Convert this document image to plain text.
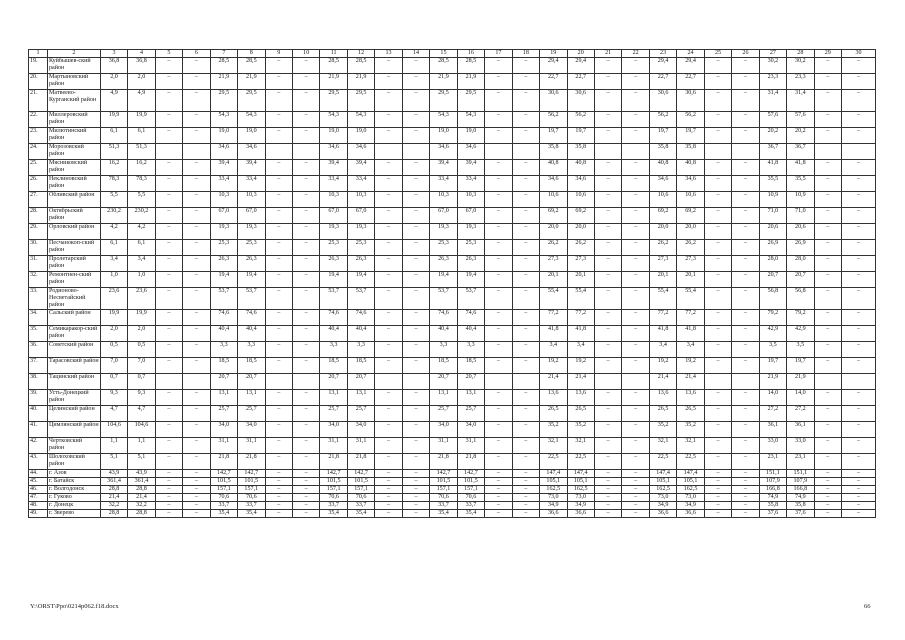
1	2	3	4	5	6	7	8	9	10	11	12	13	14	15	16	17	18	19	20	21	22	23	24	25	26	27	28	29	30
19.	Куйбышев-ский район	36,8	36,8	–	–	28,5	28,5	–	–	28,5	28,5	–	–	28,5	28,5	–	–	29,4	29,4	–	–	29,4	29,4	–	–	30,2	30,2	–	–
20.	Мартыновский район	2,0	2,0	–	–	21,9	21,9	–	–	21,9	21,9	–	–	21,9	21,9	–	–	22,7	22,7	–	–	22,7	22,7	–	–	23,3	23,3	–	–
21.	Матвеево-Курганский район	4,9	4,9	–	–	29,5	29,5	–	–	29,5	29,5	–	–	29,5	29,5	–	–	30,6	30,6	–	–	30,6	30,6	–	–	31,4	31,4	–	–
22.	Миллеровский район	19,9	19,9	–	–	54,3	54,3	–	–	54,3	54,3	–	–	54,3	54,3	–	–	56,2	56,2	–	–	56,2	56,2	–	–	57,6	57,6	–	–
23.	Милютинский район	6,1	6,1	–	–	19,0	19,0	–	–	19,0	19,0	–	–	19,0	19,0	–	–	19,7	19,7	–	–	19,7	19,7	–	–	20,2	20,2	–	–
24.	Морозовский район	51,3	51,3			34,6	34,6			34,6	34,6			34,6	34,6			35,8	35,8			35,8	35,8			36,7	36,7		
25.	Мясниковский район	16,2	16,2	–	–	39,4	39,4	–	–	39,4	39,4	–	–	39,4	39,4	–	–	40,8	40,8	–	–	40,8	40,8	–	–	41,8	41,8	–	–
26.	Неклиновский район	78,3	78,3	–	–	33,4	33,4	–	–	33,4	33,4	–	–	33,4	33,4	–	–	34,6	34,6	–	–	34,6	34,6	–	–	35,5	35,5	–	–
27.	Обливский район	5,5	5,5	–	–	10,3	10,3	–	–	10,3	10,3	–	–	10,3	10,3	–	–	10,6	10,6	–	–	10,6	10,6	–	–	10,9	10,9	–	–
28.	Октябрьский район	230,2	230,2	–	–	67,0	67,0	–	–	67,0	67,0	–	–	67,0	67,0	–	–	69,2	69,2	–	–	69,2	69,2	–	–	71,0	71,0	–	–
29.	Орловский район	4,2	4,2	–	–	19,3	19,3	–	–	19,3	19,3	–	–	19,3	19,3	–	–	20,0	20,0	–	–	20,0	20,0	–	–	20,6	20,6	–	–
30.	Песчанокоп-ский район	6,1	6,1	–	–	25,3	25,3	–	–	25,3	25,3	–	–	25,3	25,3	–	–	26,2	26,2	–	–	26,2	26,2	–	–	26,9	26,9	–	–
31.	Пролетарский район	3,4	3,4	–	–	26,3	26,3	–	–	26,3	26,3	–	–	26,3	26,3	–	–	27,3	27,3	–	–	27,3	27,3	–	–	28,0	28,0	–	–
32.	Ремонтнен-ский район	1,0	1,0	–	–	19,4	19,4	–	–	19,4	19,4	–	–	19,4	19,4	–	–	20,1	20,1	–	–	20,1	20,1	–	–	20,7	20,7	–	–
33.	Родионово-Несветайский район	23,6	23,6	–	–	53,7	53,7	–	–	53,7	53,7	–	–	53,7	53,7	–	–	55,4	55,4	–	–	55,4	55,4	–	–	56,8	56,8	–	–
34.	Сальский район	19,9	19,9	–	–	74,6	74,6	–	–	74,6	74,6	–	–	74,6	74,6	–	–	77,2	77,2	–	–	77,2	77,2	–	–	79,2	79,2	–	–
35.	Семикаракор-ский район	2,0	2,0	–	–	40,4	40,4	–	–	40,4	40,4	–	–	40,4	40,4	–	–	41,8	41,8	–	–	41,8	41,8	–	–	42,9	42,9	–	–
36.	Советский район	0,5	0,5	–	–	3,3	3,3	–	–	3,3	3,3	–	–	3,3	3,3	–	–	3,4	3,4	–	–	3,4	3,4	–	–	3,5	3,5	–	–
37.	Тарасовский район	7,0	7,0	–	–	18,5	18,5	–	–	18,5	18,5	–	–	18,5	18,5	–	–	19,2	19,2	–	–	19,2	19,2	–	–	19,7	19,7	–	–
38.	Тацинский район	0,7	0,7			20,7	20,7			20,7	20,7			20,7	20,7			21,4	21,4			21,4	21,4			21,9	21,9		
39.	Усть-Донецкий район	9,3	9,3	–	–	13,1	13,1	–	–	13,1	13,1	–	–	13,1	13,1	–	–	13,6	13,6	–	–	13,6	13,6	–	–	14,0	14,0	–	–
40.	Целинский район	4,7	4,7	–	–	25,7	25,7	–	–	25,7	25,7	–	–	25,7	25,7	–	–	26,5	26,5	–	–	26,5	26,5	–	–	27,2	27,2	–	–
41.	Цимлянский район	104,6	104,6	–	–	34,0	34,0	–	–	34,0	34,0	–	–	34,0	34,0	–	–	35,2	35,2	–	–	35,2	35,2	–	–	36,1	36,1	–	–
42.	Чертковский район	1,1	1,1	–	–	31,1	31,1	–	–	31,1	31,1	–	–	31,1	31,1	–	–	32,1	32,1	–	–	32,1	32,1	–	–	33,0	33,0	–	–
43.	Шолоховский район	5,1	5,1	–	–	21,8	21,8	–	–	21,8	21,8	–	–	21,8	21,8	–	–	22,5	22,5	–	–	22,5	22,5	–	–	23,1	23,1	–	–
44.	г. Азов	43,9	43,9	–	–	142,7	142,7	–	–	142,7	142,7	–	–	142,7	142,7	–	–	147,4	147,4	–	–	147,4	147,4	–	–	151,1	151,1	–	–
45.	г. Батайск	361,4	361,4	–	–	101,5	101,5	–	–	101,5	101,5	–	–	101,5	101,5	–	–	105,1	105,1	–	–	105,1	105,1	–	–	107,9	107,9	–	–
46.	г. Волгодонск	28,8	28,8	–	–	157,1	157,1	–	–	157,1	157,1	–	–	157,1	157,1	–	–	162,5	162,5	–	–	162,5	162,5	–	–	166,8	166,8	–	–
47.	г. Гуково	21,4	21,4	–	–	70,6	70,6	–	–	70,6	70,6	–	–	70,6	70,6	–	–	73,0	73,0	–	–	73,0	73,0	–	–	74,9	74,9	–	–
48.	г. Донецк	32,2	32,2	–	–	33,7	33,7	–	–	33,7	33,7	–	–	33,7	33,7	–	–	34,9	34,9	–	–	34,9	34,9	–	–	35,8	35,8	–	–
49.	г. Зверево	28,8	28,8	–	–	35,4	35,4	–	–	35,4	35,4	–	–	35,4	35,4	–	–	36,6	36,6	–	–	36,6	36,6	–	–	37,6	37,6	–	–
Y:\ORST\Ppo\0214p062.f18.docx	66
